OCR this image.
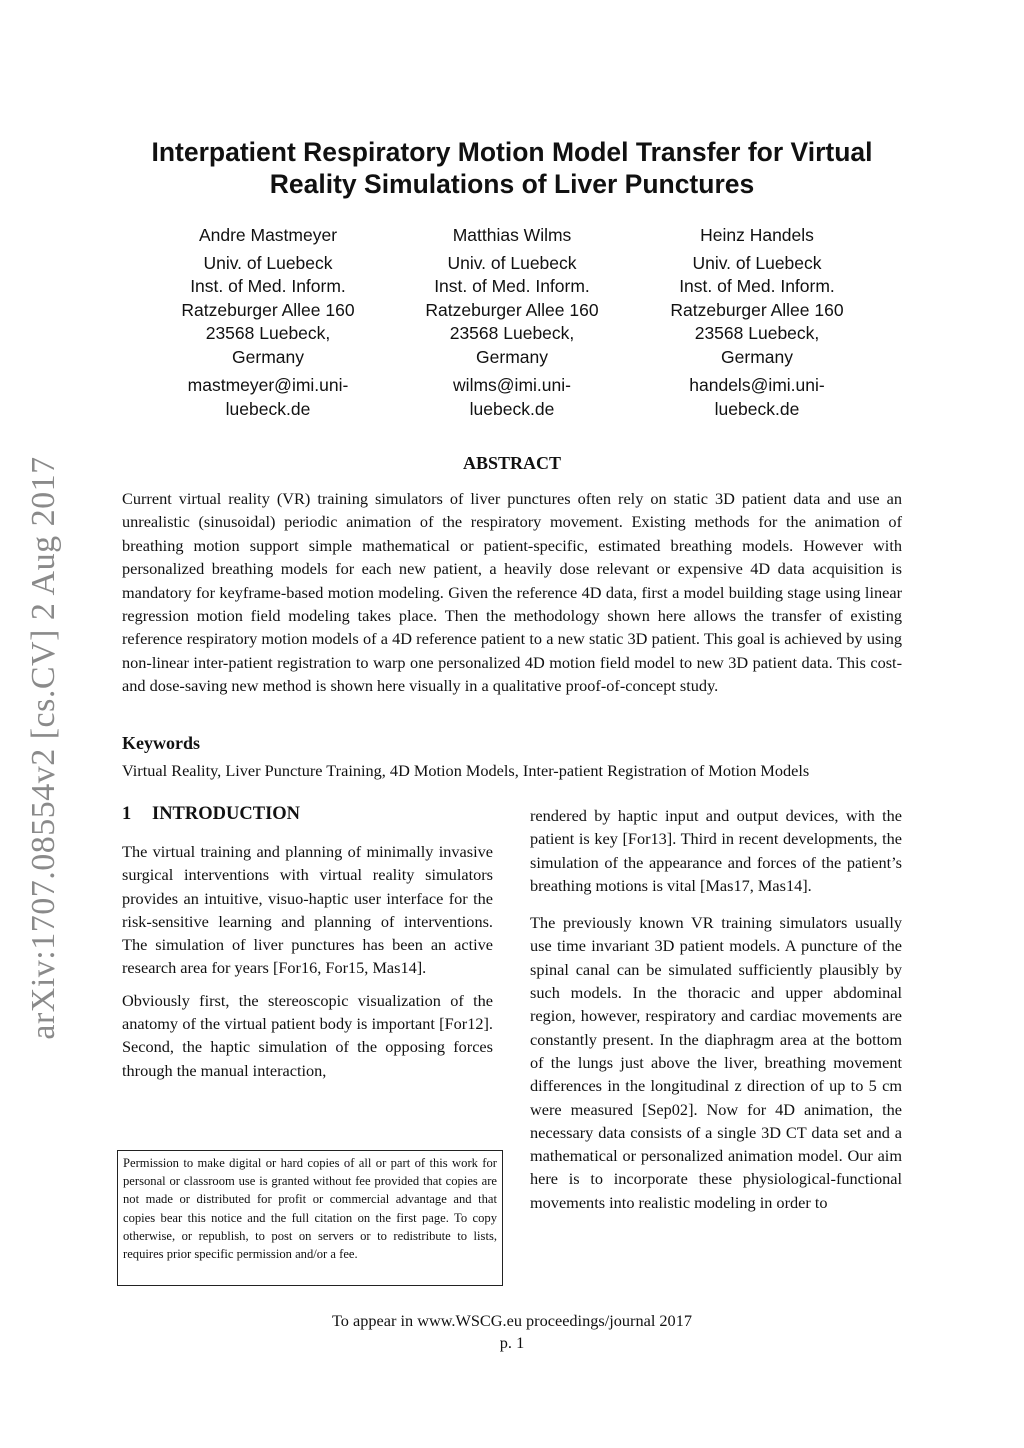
arXiv:1707.08554v2 [cs.CV] 2 Aug 2017
Interpatient Respiratory Motion Model Transfer for Virtual
Reality Simulations of Liver Punctures
Andre Mastmeyer
Univ. of Luebeck
Inst. of Med. Inform.
Ratzeburger Allee 160
23568 Luebeck,
Germany
mastmeyer@imi.uni-
luebeck.de
Matthias Wilms
Univ. of Luebeck
Inst. of Med. Inform.
Ratzeburger Allee 160
23568 Luebeck,
Germany
wilms@imi.uni-
luebeck.de
Heinz Handels
Univ. of Luebeck
Inst. of Med. Inform.
Ratzeburger Allee 160
23568 Luebeck,
Germany
handels@imi.uni-
luebeck.de
ABSTRACT

Current virtual reality (VR) training simulators of liver punctures often rely on static 3D patient data and use an unrealistic (sinusoidal) periodic animation of the respiratory movement. Existing methods for the animation of breathing motion support simple mathematical or patient-specific, estimated breathing models. However with personalized breathing models for each new patient, a heavily dose relevant or expensive 4D data acquisition is mandatory for keyframe-based motion modeling. Given the reference 4D data, first a model building stage using linear regression motion field modeling takes place. Then the methodology shown here allows the transfer of existing reference respiratory motion models of a 4D reference patient to a new static 3D patient. This goal is achieved by using non-linear inter-patient registration to warp one personalized 4D motion field model to new 3D patient data. This cost- and dose-saving new method is shown here visually in a qualitative proof-of-concept study.

Keywords

Virtual Reality, Liver Puncture Training, 4D Motion Models, Inter-patient Registration of Motion Models

1 INTRODUCTION

The virtual training and planning of minimally invasive surgical interventions with virtual reality simulators provides an intuitive, visuo-haptic user interface for the risk-sensitive learning and planning of interventions. The simulation of liver punctures has been an active research area for years [For16, For15, Mas14].

Obviously first, the stereoscopic visualization of the anatomy of the virtual patient body is important [For12]. Second, the haptic simulation of the opposing forces through the manual interaction,

Permission to make digital or hard copies of all or part of this work for personal or classroom use is granted without fee provided that copies are not made or distributed for profit or commercial advantage and that copies bear this notice and the full citation on the first page. To copy otherwise, or republish, to post on servers or to redistribute to lists, requires prior specific permission and/or a fee.

rendered by haptic input and output devices, with the patient is key [For13]. Third in recent developments, the simulation of the appearance and forces of the patient’s breathing motions is vital [Mas17, Mas14].

The previously known VR training simulators usually use time invariant 3D patient models. A puncture of the spinal canal can be simulated sufficiently plausibly by such models. In the thoracic and upper abdominal region, however, respiratory and cardiac movements are constantly present. In the diaphragm area at the bottom of the lungs just above the liver, breathing movement differences in the longitudinal z direction of up to 5 cm were measured [Sep02]. Now for 4D animation, the necessary data consists of a single 3D CT data set and a mathematical or personalized animation model. Our aim here is to incorporate these physiological-functional movements into realistic modeling in order to

To appear in www.WSCG.eu proceedings/journal 2017
p. 1
